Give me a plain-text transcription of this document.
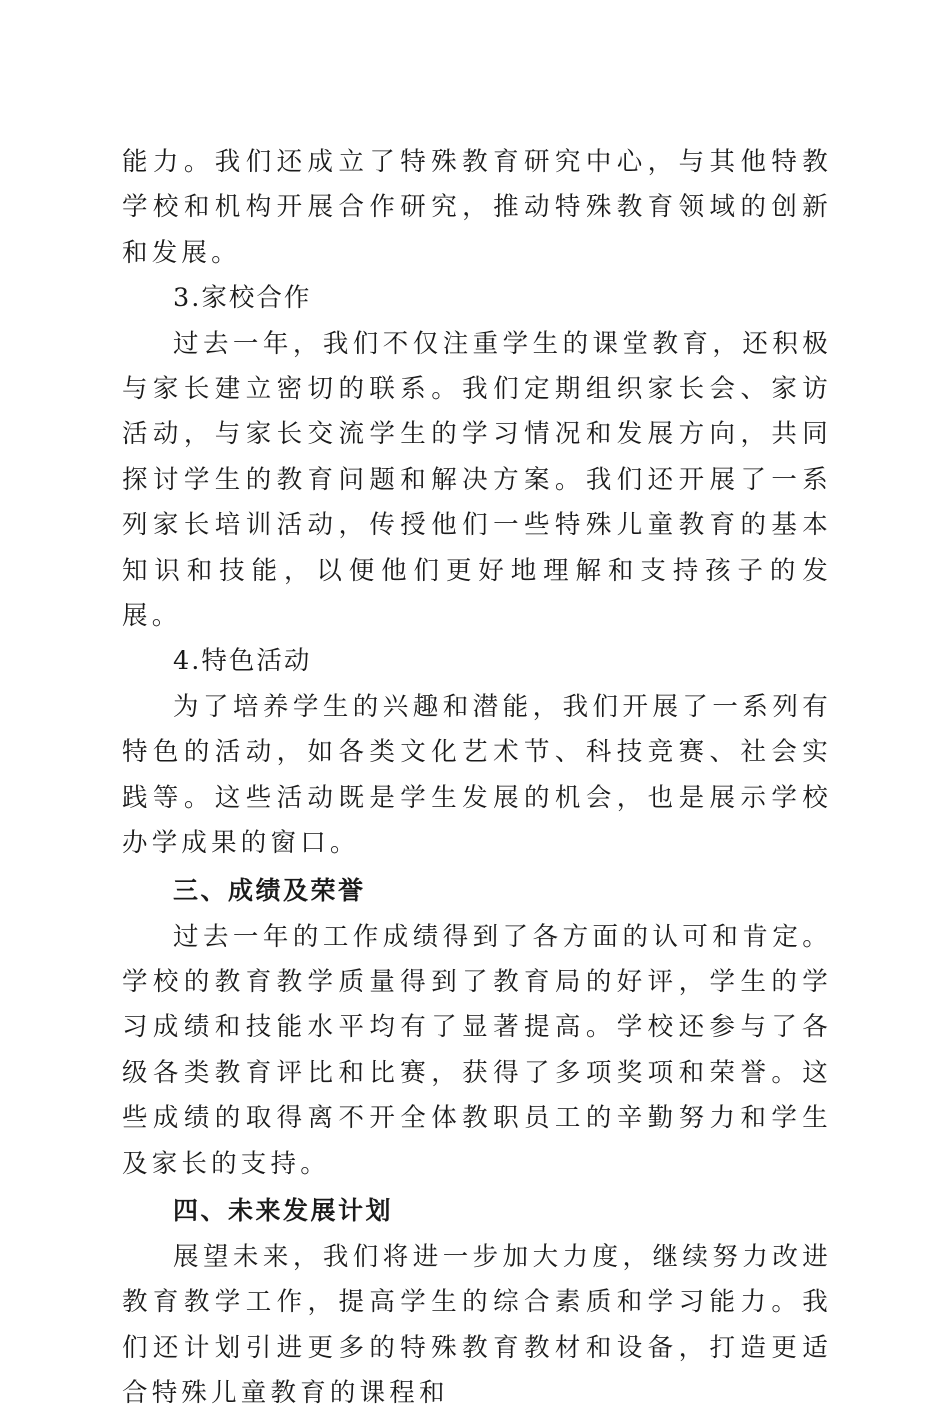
能力。我们还成立了特殊教育研究中心，与其他特教学校和机构开展合作研究，推动特殊教育领域的创新和发展。

3.家校合作

过去一年，我们不仅注重学生的课堂教育，还积极与家长建立密切的联系。我们定期组织家长会、家访活动，与家长交流学生的学习情况和发展方向，共同探讨学生的教育问题和解决方案。我们还开展了一系列家长培训活动，传授他们一些特殊儿童教育的基本知识和技能，以便他们更好地理解和支持孩子的发展。

4.特色活动

为了培养学生的兴趣和潜能，我们开展了一系列有特色的活动，如各类文化艺术节、科技竞赛、社会实践等。这些活动既是学生发展的机会，也是展示学校办学成果的窗口。

三、成绩及荣誉

过去一年的工作成绩得到了各方面的认可和肯定。学校的教育教学质量得到了教育局的好评，学生的学习成绩和技能水平均有了显著提高。学校还参与了各级各类教育评比和比赛，获得了多项奖项和荣誉。这些成绩的取得离不开全体教职员工的辛勤努力和学生及家长的支持。

四、未来发展计划

展望未来，我们将进一步加大力度，继续努力改进教育教学工作，提高学生的综合素质和学习能力。我们还计划引进更多的特殊教育教材和设备，打造更适合特殊儿童教育的课程和
